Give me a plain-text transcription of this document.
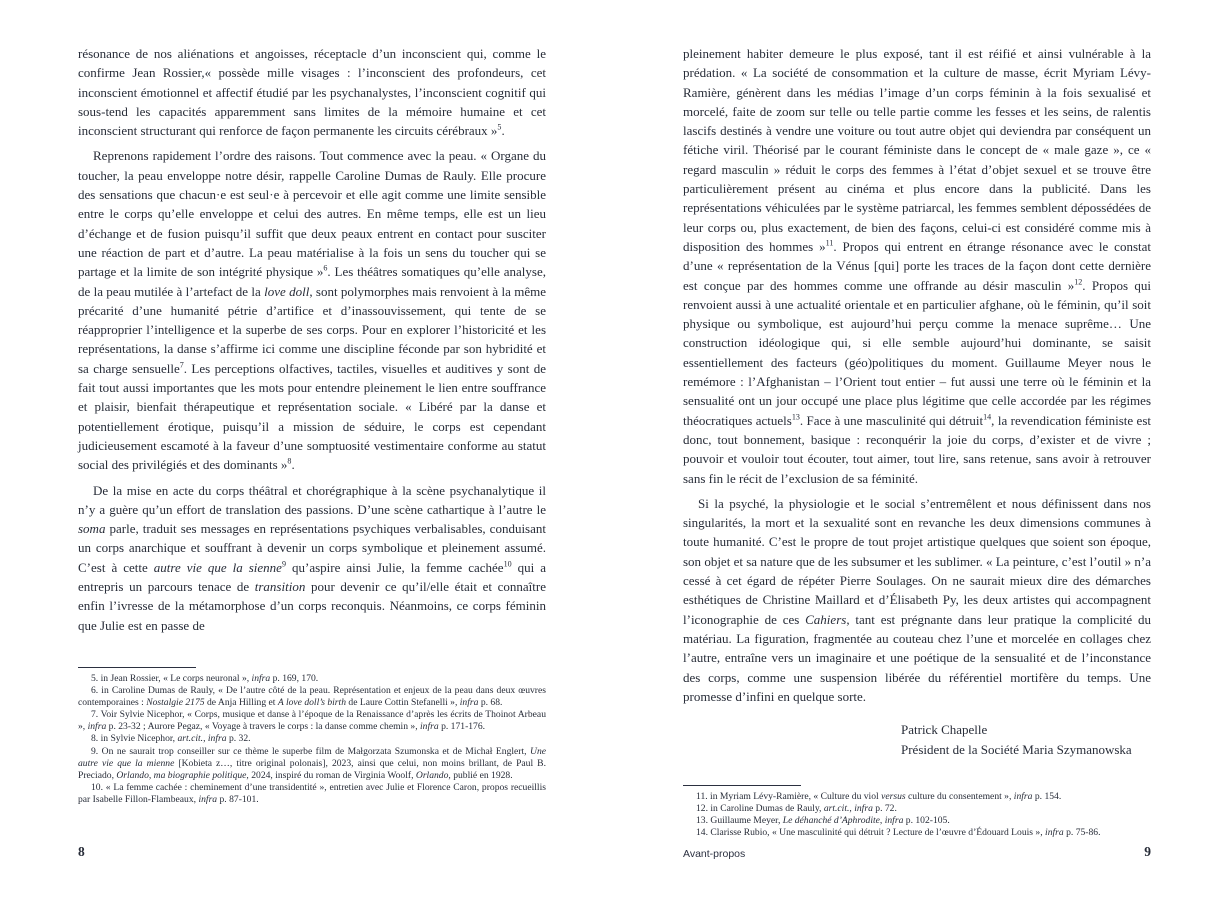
résonance de nos aliénations et angoisses, réceptacle d’un inconscient qui, comme le confirme Jean Rossier,« possède mille visages : l’inconscient des profondeurs, cet inconscient émotionnel et affectif étudié par les psychanalystes, l’inconscient cognitif qui sous-tend les capacités apparemment sans limites de la mémoire humaine et cet inconscient structurant qui renforce de façon permanente les circuits cérébraux »$^5$.

Reprenons rapidement l’ordre des raisons. Tout commence avec la peau. « Organe du toucher, la peau enveloppe notre désir, rappelle Caroline Dumas de Rauly. Elle procure des sensations que chacun·e est seul·e à percevoir et elle agit comme une limite sensible entre le corps qu’elle enveloppe et celui des autres. En même temps, elle est un lieu d’échange et de fusion puisqu’il suffit que deux peaux entrent en contact pour susciter une réaction de part et d’autre. La peau matérialise à la fois un sens du toucher qui se partage et la limite de son intégrité physique »$^6$. Les théâtres somatiques qu’elle analyse, de la peau mutilée à l’artefact de la love doll, sont polymorphes mais renvoient à la même précarité d’une humanité pétrie d’artifice et d’inassouvissement, qui tente de se réapproprier l’intelligence et la superbe de ses corps. Pour en explorer l’historicité et les représentations, la danse s’affirme ici comme une discipline féconde par son hybridité et sa charge sensuelle$^7$. Les perceptions olfactives, tactiles, visuelles et auditives y sont de fait tout aussi importantes que les mots pour entendre pleinement le lien entre souffrance et plaisir, bienfait thérapeutique et représentation sociale. « Libéré par la danse et potentiellement érotique, puisqu’il a mission de séduire, le corps est cependant judicieusement escamoté à la faveur d’une somptuosité vestimentaire conforme au statut social des privilégiés et des dominants »$^8$.

De la mise en acte du corps théâtral et chorégraphique à la scène psychanalytique il n’y a guère qu’un effort de translation des passions. D’une scène cathartique à l’autre le soma parle, traduit ses messages en représentations psychiques verbalisables, conduisant un corps anarchique et souffrant à devenir un corps symbolique et pleinement assumé. C’est à cette autre vie que la sienne$^9$ qu’aspire ainsi Julie, la femme cachée$^{10}$ qui a entrepris un parcours tenace de transition pour devenir ce qu’il/elle était et connaître enfin l’ivresse de la métamorphose d’un corps reconquis. Néanmoins, ce corps féminin que Julie est en passe de

5. in Jean Rossier, « Le corps neuronal », infra p. 169, 170.

6. in Caroline Dumas de Rauly, « De l’autre côté de la peau. Représentation et enjeux de la peau dans deux œuvres contemporaines : Nostalgie 2175 de Anja Hilling et A love doll’s birth de Laure Cottin Stefanelli », infra p. 68.

7. Voir Sylvie Nicephor, « Corps, musique et danse à l’époque de la Renaissance d’après les écrits de Thoinot Arbeau », infra p. 23-32 ; Aurore Pegaz, « Voyage à travers le corps : la danse comme chemin », infra p. 171-176.

8. in Sylvie Nicephor, art.cit., infra p. 32.

9. On ne saurait trop conseiller sur ce thème le superbe film de Małgorzata Szumonska et de Michał Englert, Une autre vie que la mienne [Kobieta z…, titre original polonais], 2023, ainsi que celui, non moins brillant, de Paul B. Preciado, Orlando, ma biographie politique, 2024, inspiré du roman de Virginia Woolf, Orlando, publié en 1928.

10. « La femme cachée : cheminement d’une transidentité », entretien avec Julie et Florence Caron, propos recueillis par Isabelle Fillon-Flambeaux, infra p. 87-101.

pleinement habiter demeure le plus exposé, tant il est réifié et ainsi vulnérable à la prédation. « La société de consommation et la culture de masse, écrit Myriam Lévy-Ramière, génèrent dans les médias l’image d’un corps féminin à la fois sexualisé et morcelé, faite de zoom sur telle ou telle partie comme les fesses et les seins, de ralentis lascifs destinés à vendre une voiture ou tout autre objet qui deviendra par conséquent un fétiche viril. Théorisé par le courant féministe dans le concept de « male gaze », ce « regard masculin » réduit le corps des femmes à l’état d’objet sexuel et se trouve être particulièrement présent au cinéma et plus encore dans la publicité. Dans les représentations véhiculées par le système patriarcal, les femmes semblent dépossédées de leur corps ou, plus exactement, de bien des façons, celui-ci est considéré comme mis à disposition des hommes »$^{11}$. Propos qui entrent en étrange résonance avec le constat d’une « représentation de la Vénus [qui] porte les traces de la façon dont cette dernière est conçue par des hommes comme une offrande au désir masculin »$^{12}$. Propos qui renvoient aussi à une actualité orientale et en particulier afghane, où le féminin, qu’il soit physique ou symbolique, est aujourd’hui perçu comme la menace suprême… Une construction idéologique qui, si elle semble aujourd’hui dominante, se saisit essentiellement des facteurs (géo)politiques du moment. Guillaume Meyer nous le remémore : l’Afghanistan – l’Orient tout entier – fut aussi une terre où le féminin et la sensualité ont un jour occupé une place plus légitime que celle accordée par les régimes théocratiques actuels$^{13}$. Face à une masculinité qui détruit$^{14}$, la revendication féministe est donc, tout bonnement, basique : reconquérir la joie du corps, d’exister et de vivre ; pouvoir et vouloir tout écouter, tout aimer, tout lire, sans retenue, sans avoir à retrouver sans fin le récit de l’exclusion de sa féminité.

Si la psyché, la physiologie et le social s’entremêlent et nous définissent dans nos singularités, la mort et la sexualité sont en revanche les deux dimensions communes à toute humanité. C’est le propre de tout projet artistique quelques que soient son époque, son objet et sa nature que de les subsumer et les sublimer. « La peinture, c’est l’outil » n’a cessé à cet égard de répéter Pierre Soulages. On ne saurait mieux dire des démarches esthétiques de Christine Maillard et d’Élisabeth Py, les deux artistes qui accompagnent l’iconographie de ces Cahiers, tant est prégnante dans leur pratique la complicité du matériau. La figuration, fragmentée au couteau chez l’une et morcelée en collages chez l’autre, entraîne vers un imaginaire et une poétique de la sensualité et de l’inconstance des corps, comme une suspension libérée du référentiel mortifère du temps. Une promesse d’infini en quelque sorte.

Patrick Chapelle
Président de la Société Maria Szymanowska

11. in Myriam Lévy-Ramière, « Culture du viol versus culture du consentement », infra p. 154.

12. in Caroline Dumas de Rauly, art.cit., infra p. 72.

13. Guillaume Meyer, Le déhanché d’Aphrodite, infra p. 102-105.

14. Clarisse Rubio, « Une masculinité qui détruit ? Lecture de l’œuvre d’Édouard Louis », infra p. 75-86.

8	Avant-propos	9
